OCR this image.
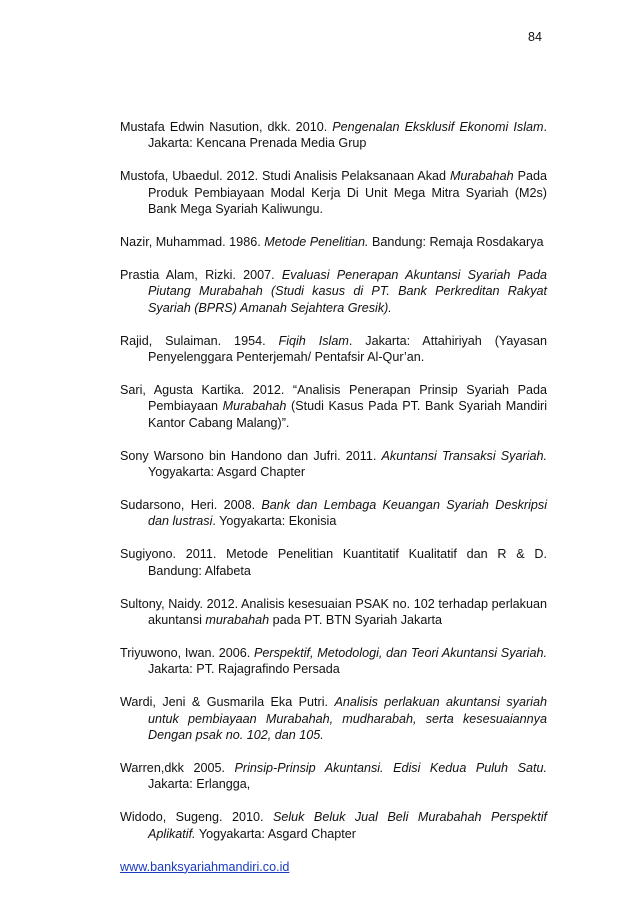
84

Mustafa Edwin Nasution, dkk. 2010. Pengenalan Eksklusif Ekonomi Islam. Jakarta: Kencana Prenada Media Grup

Mustofa, Ubaedul. 2012. Studi Analisis Pelaksanaan Akad Murabahah Pada Produk Pembiayaan Modal Kerja Di Unit Mega Mitra Syariah (M2s) Bank Mega Syariah Kaliwungu.

Nazir, Muhammad. 1986. Metode Penelitian. Bandung: Remaja Rosdakarya

Prastia Alam, Rizki. 2007. Evaluasi Penerapan Akuntansi Syariah Pada Piutang Murabahah (Studi kasus di PT. Bank Perkreditan Rakyat Syariah (BPRS) Amanah Sejahtera Gresik).

Rajid, Sulaiman. 1954. Fiqih Islam. Jakarta: Attahiriyah (Yayasan Penyelenggara Penterjemah/ Pentafsir Al-Qur’an.

Sari, Agusta Kartika. 2012. “Analisis Penerapan Prinsip Syariah Pada Pembiayaan Murabahah (Studi Kasus Pada PT. Bank Syariah Mandiri Kantor Cabang Malang)”.

Sony Warsono bin Handono dan Jufri. 2011. Akuntansi Transaksi Syariah. Yogyakarta: Asgard Chapter

Sudarsono, Heri. 2008. Bank dan Lembaga Keuangan Syariah Deskripsi dan lustrasi. Yogyakarta: Ekonisia

Sugiyono. 2011. Metode Penelitian Kuantitatif Kualitatif dan R & D. Bandung: Alfabeta

Sultony, Naidy. 2012. Analisis kesesuaian PSAK no. 102 terhadap perlakuan akuntansi murabahah pada PT. BTN Syariah Jakarta

Triyuwono, Iwan. 2006. Perspektif, Metodologi, dan Teori Akuntansi Syariah. Jakarta: PT. Rajagrafindo Persada

Wardi, Jeni & Gusmarila Eka Putri. Analisis perlakuan akuntansi syariah untuk pembiayaan Murabahah, mudharabah, serta kesesuaiannya Dengan psak no. 102, dan 105.

Warren,dkk 2005. Prinsip-Prinsip Akuntansi. Edisi Kedua Puluh Satu. Jakarta: Erlangga,

Widodo, Sugeng. 2010. Seluk Beluk Jual Beli Murabahah Perspektif Aplikatif. Yogyakarta: Asgard Chapter

www.banksyariahmandiri.co.id
